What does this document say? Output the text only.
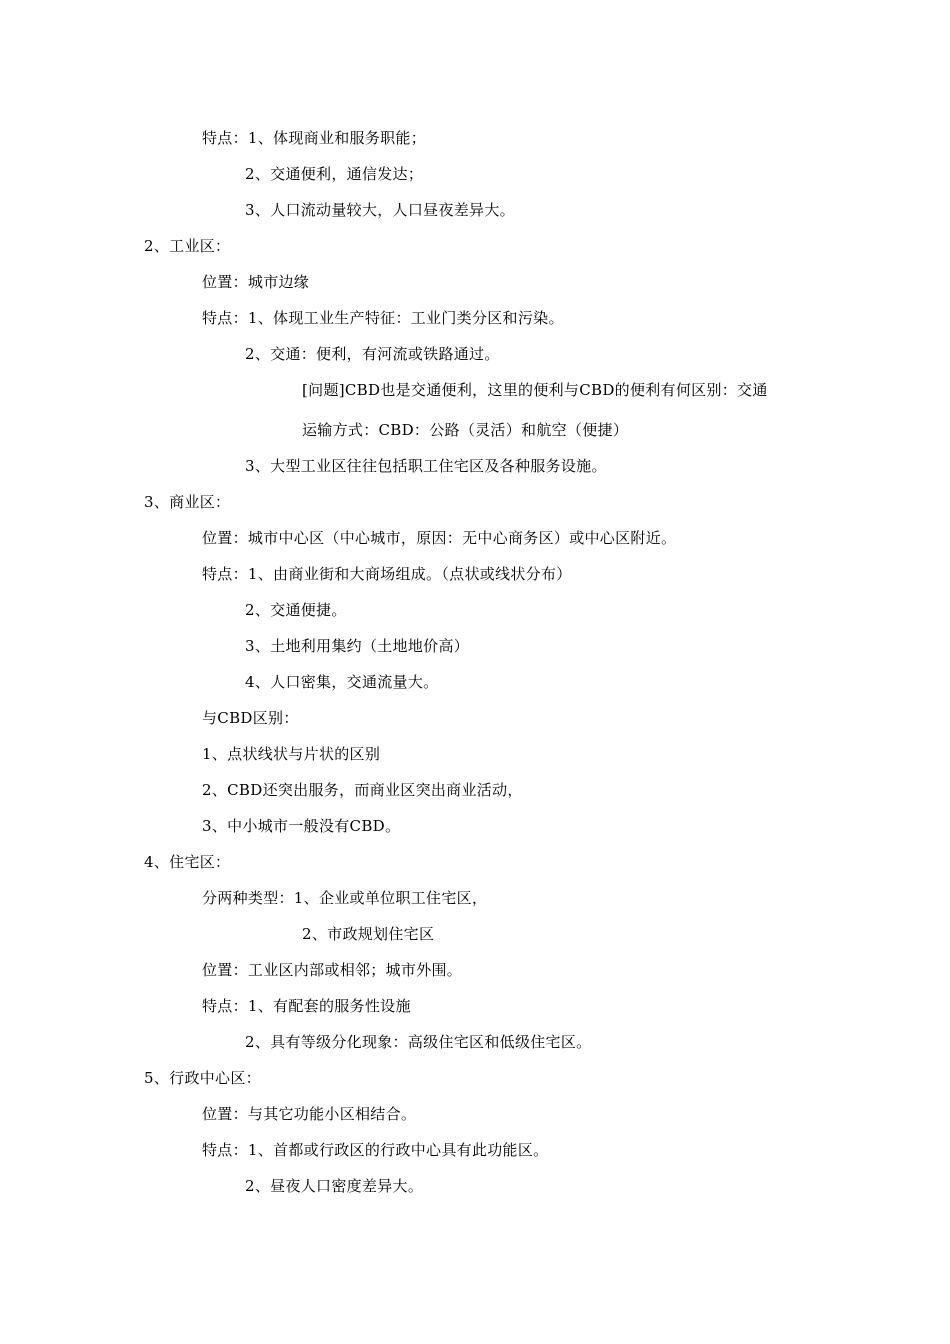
特点：1、体现商业和服务职能；
2、交通便利，通信发达；
3、人口流动量较大，人口昼夜差异大。
2、工业区：
位置：城市边缘
特点：1、体现工业生产特征：工业门类分区和污染。
2、交通：便利，有河流或铁路通过。
[问题]CBD也是交通便利，这里的便利与CBD的便利有何区别：交通
运输方式：CBD：公路（灵活）和航空（便捷）
3、大型工业区往往包括职工住宅区及各种服务设施。
3、商业区：
位置：城市中心区（中心城市，原因：无中心商务区）或中心区附近。
特点：1、由商业街和大商场组成。（点状或线状分布）
2、交通便捷。
3、土地利用集约（土地地价高）
4、人口密集，交通流量大。
与CBD区别：
1、点状线状与片状的区别
2、CBD还突出服务，而商业区突出商业活动，
3、中小城市一般没有CBD。
4、住宅区：
分两种类型：1、企业或单位职工住宅区，
2、市政规划住宅区
位置：工业区内部或相邻；城市外围。
特点：1、有配套的服务性设施
2、具有等级分化现象：高级住宅区和低级住宅区。
5、行政中心区：
位置：与其它功能小区相结合。
特点：1、首都或行政区的行政中心具有此功能区。
2、昼夜人口密度差异大。
